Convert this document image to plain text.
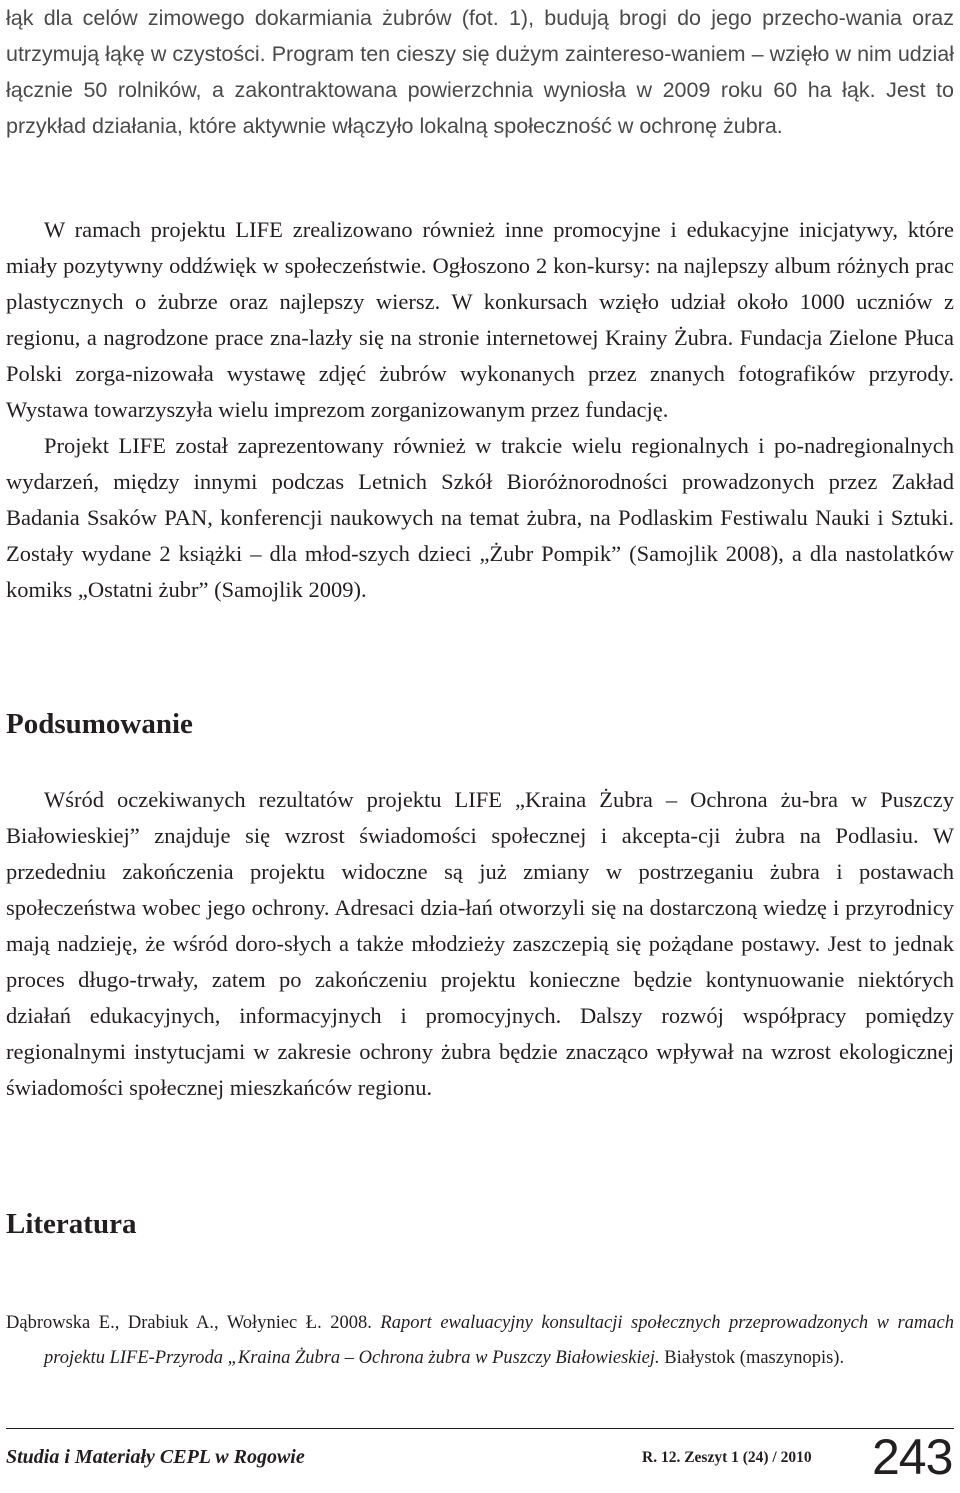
łąk dla celów zimowego dokarmiania żubrów (fot. 1), budują brogi do jego przecho-wania oraz utrzymują łąkę w czystości. Program ten cieszy się dużym zaintereso-waniem – wzięło w nim udział łącznie 50 rolników, a zakontraktowana powierzchnia wyniosła w 2009 roku 60 ha łąk. Jest to przykład działania, które aktywnie włączyło lokalną społeczność w ochronę żubra.

W ramach projektu LIFE zrealizowano również inne promocyjne i edukacyjne inicjatywy, które miały pozytywny oddźwięk w społeczeństwie. Ogłoszono 2 kon-kursy: na najlepszy album różnych prac plastycznych o żubrze oraz najlepszy wiersz. W konkursach wzięło udział około 1000 uczniów z regionu, a nagrodzone prace zna-lazły się na stronie internetowej Krainy Żubra. Fundacja Zielone Płuca Polski zorga-nizowała wystawę zdjęć żubrów wykonanych przez znanych fotografików przyrody. Wystawa towarzyszyła wielu imprezom zorganizowanym przez fundację.

Projekt LIFE został zaprezentowany również w trakcie wielu regionalnych i po-nadregionalnych wydarzeń, między innymi podczas Letnich Szkół Bioróżnorodności prowadzonych przez Zakład Badania Ssaków PAN, konferencji naukowych na temat żubra, na Podlaskim Festiwalu Nauki i Sztuki. Zostały wydane 2 książki – dla młod-szych dzieci „Żubr Pompik” (Samojlik 2008), a dla nastolatków komiks „Ostatni żubr” (Samojlik 2009).

Podsumowanie

Wśród oczekiwanych rezultatów projektu LIFE „Kraina Żubra – Ochrona żu-bra w Puszczy Białowieskiej” znajduje się wzrost świadomości społecznej i akcepta-cji żubra na Podlasiu. W przededniu zakończenia projektu widoczne są już zmiany w postrzeganiu żubra i postawach społeczeństwa wobec jego ochrony. Adresaci dzia-łań otworzyli się na dostarczoną wiedzę i przyrodnicy mają nadzieję, że wśród doro-słych a także młodzieży zaszczepią się pożądane postawy. Jest to jednak proces długo-trwały, zatem po zakończeniu projektu konieczne będzie kontynuowanie niektórych działań edukacyjnych, informacyjnych i promocyjnych. Dalszy rozwój współpracy pomiędzy regionalnymi instytucjami w zakresie ochrony żubra będzie znacząco wpływał na wzrost ekologicznej świadomości społecznej mieszkańców regionu.

Literatura

Dąbrowska E., Drabiuk A., Wołyniec Ł. 2008. Raport ewaluacyjny konsultacji społecznych przeprowadzonych w ramach projektu LIFE-Przyroda „Kraina Żubra – Ochrona żubra w Puszczy Białowieskiej. Białystok (maszynopis).

Studia i Materiały CEPL w Rogowie	R. 12. Zeszyt 1 (24) / 2010 243
